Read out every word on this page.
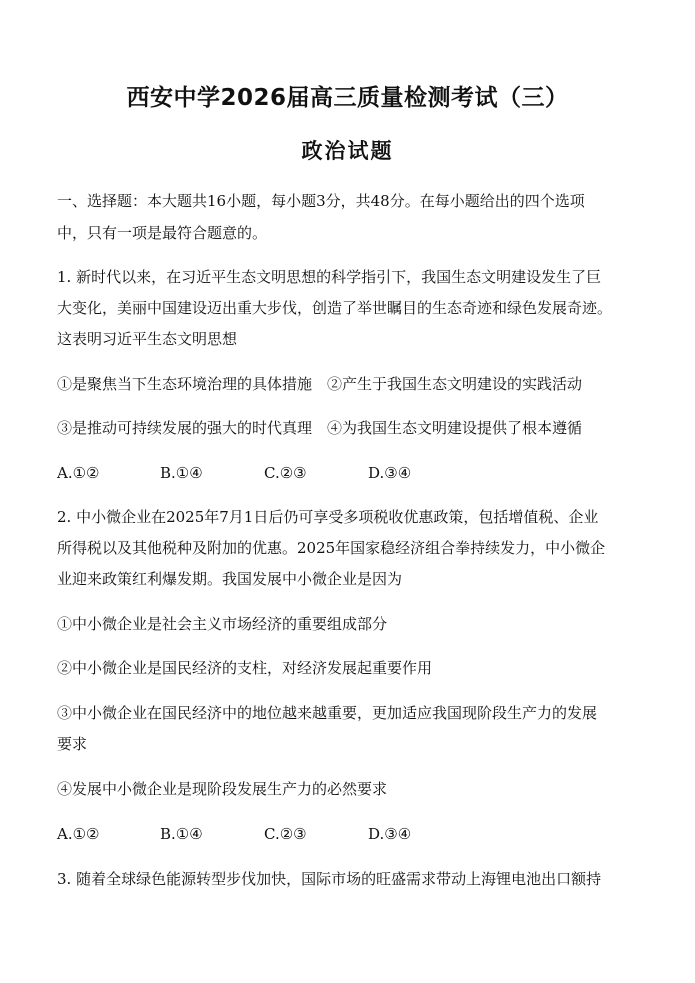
西安中学2026届高三质量检测考试（三）
政治试题
一、选择题：本大题共16小题，每小题3分，共48分。在每小题给出的四个选项
中，只有一项是最符合题意的。
1. 新时代以来，在习近平生态文明思想的科学指引下，我国生态文明建设发生了巨
大变化，美丽中国建设迈出重大步伐，创造了举世瞩目的生态奇迹和绿色发展奇迹。
这表明习近平生态文明思想
①是聚焦当下生态环境治理的具体措施　②产生于我国生态文明建设的实践活动
③是推动可持续发展的强大的时代真理　④为我国生态文明建设提供了根本遵循
A.①②	B.①④	C.②③	D.③④
2. 中小微企业在2025年7月1日后仍可享受多项税收优惠政策，包括增值税、企业
所得税以及其他税种及附加的优惠。2025年国家稳经济组合拳持续发力，中小微企
业迎来政策红利爆发期。我国发展中小微企业是因为
①中小微企业是社会主义市场经济的重要组成部分
②中小微企业是国民经济的支柱，对经济发展起重要作用
③中小微企业在国民经济中的地位越来越重要，更加适应我国现阶段生产力的发展
要求
④发展中小微企业是现阶段发展生产力的必然要求
A.①②	B.①④	C.②③	D.③④
3. 随着全球绿色能源转型步伐加快，国际市场的旺盛需求带动上海锂电池出口额持
